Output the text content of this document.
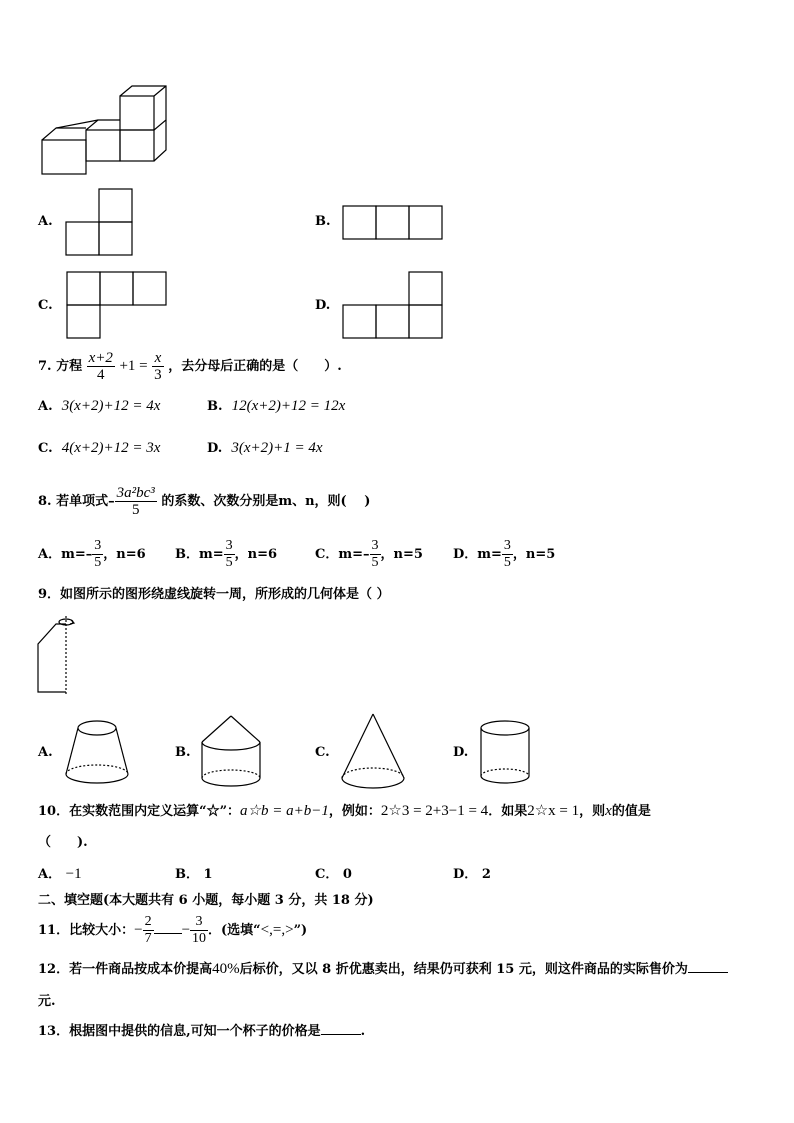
A.	B.
C.	D.
7. 方程 $\frac{x+2}{4} +1 = \frac{x}{3}$ ，去分母后正确的是（　　）.
A. 3(x+2)+12 = 4x	B. 12(x+2)+12 = 12x
C. 4(x+2)+12 = 3x	D. 3(x+2)+1 = 4x
8. 若单项式– $\frac{\text{3a²bc³}}{5}$ 的系数、次数分别是m、n，则(　 )
A．$m=- \frac{3}{5}$ ，n=6 B．$m= \frac{3}{5}$ ，n=6	C．$m=- \frac{3}{5}$ ，n=5 D．$m= \frac{3}{5}$ ，n=5
9．如图所示的图形绕虚线旋转一周，所形成的几何体是（ ）
A.	B.	C.	D.
10．在实数范围内定义运算“☆”：a☆b = a+b−1，例如：2☆3 = 2+3−1 = 4．如果2☆x = 1，则x的值是
（　　).
A． −1	B． 1	C． 0	D． 2
二、填空题(本大题共有 6 小题，每小题 3 分，共 18 分)
11．比较大小：− $\frac{2}{7} - \frac{3}{10}$ ．(选填“<,=,>”)
12．若一件商品按成本价提高40%后标价，又以 8 折优惠卖出，结果仍可获利 15 元，则这件商品的实际售价为
元.
13．根据图中提供的信息,可知一个杯子的价格是	.
